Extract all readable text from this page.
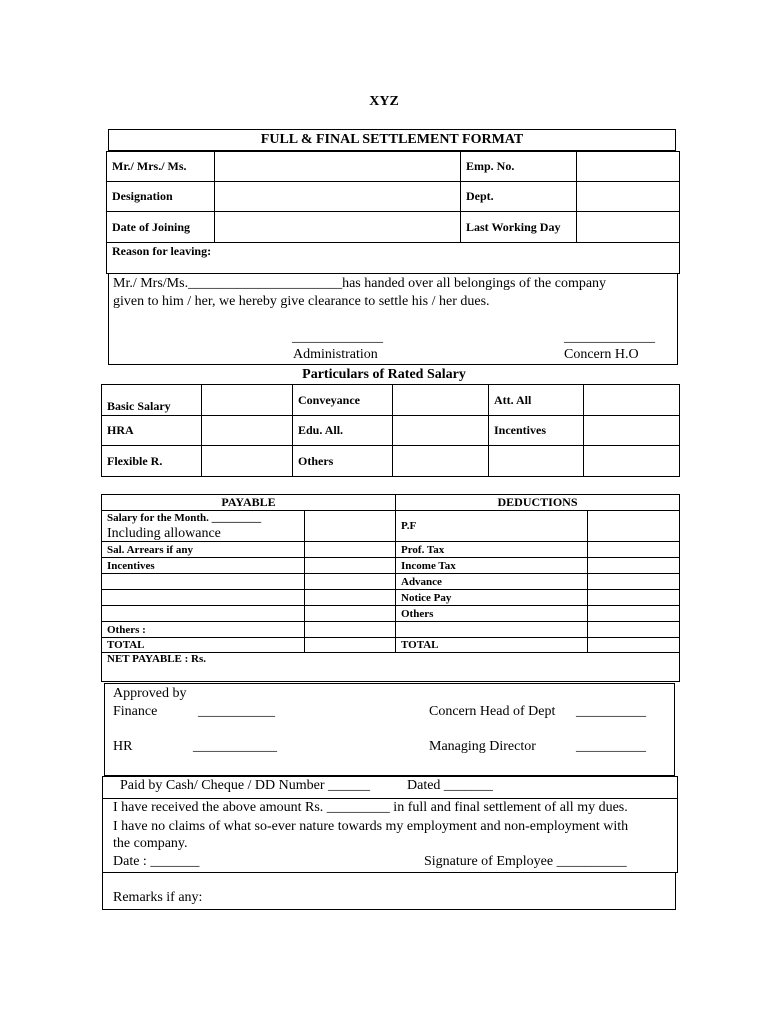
XYZ
FULL & FINAL SETTLEMENT FORMAT
Mr./ Mrs./ Ms.		Emp. No.	
Designation		Dept.	
Date of Joining		Last Working Day	
Reason for leaving:			
Mr./ Mrs/Ms.______________________has handed over all belongings of the company
given to him / her, we hereby give clearance to settle his / her dues.
_____________	_____________
Administration	Concern H.O
Particulars of Rated Salary
Basic Salary		Conveyance		Att. All	
HRA		Edu. All.		Incentives	
Flexible R.		Others			
PAYABLE		DEDUCTIONS	

Salary for the Month. _________
Including allowance		P.F	
Sal. Arrears if any		Prof. Tax	
Incentives		Income Tax	
		Advance	
		Notice Pay	
		Others	
Others :			
TOTAL		TOTAL	
NET PAYABLE : Rs.			
Approved by
Finance	___________	Concern Head of Dept __________
HR	____________	Managing Director	__________
Paid by Cash/ Cheque / DD Number ______	Dated _______
I have received the above amount Rs. _________ in full and final settlement of all my dues.
I have no claims of what so-ever nature towards my employment and non-employment with
the company.
Date : _______	Signature of Employee __________
Remarks if any:
